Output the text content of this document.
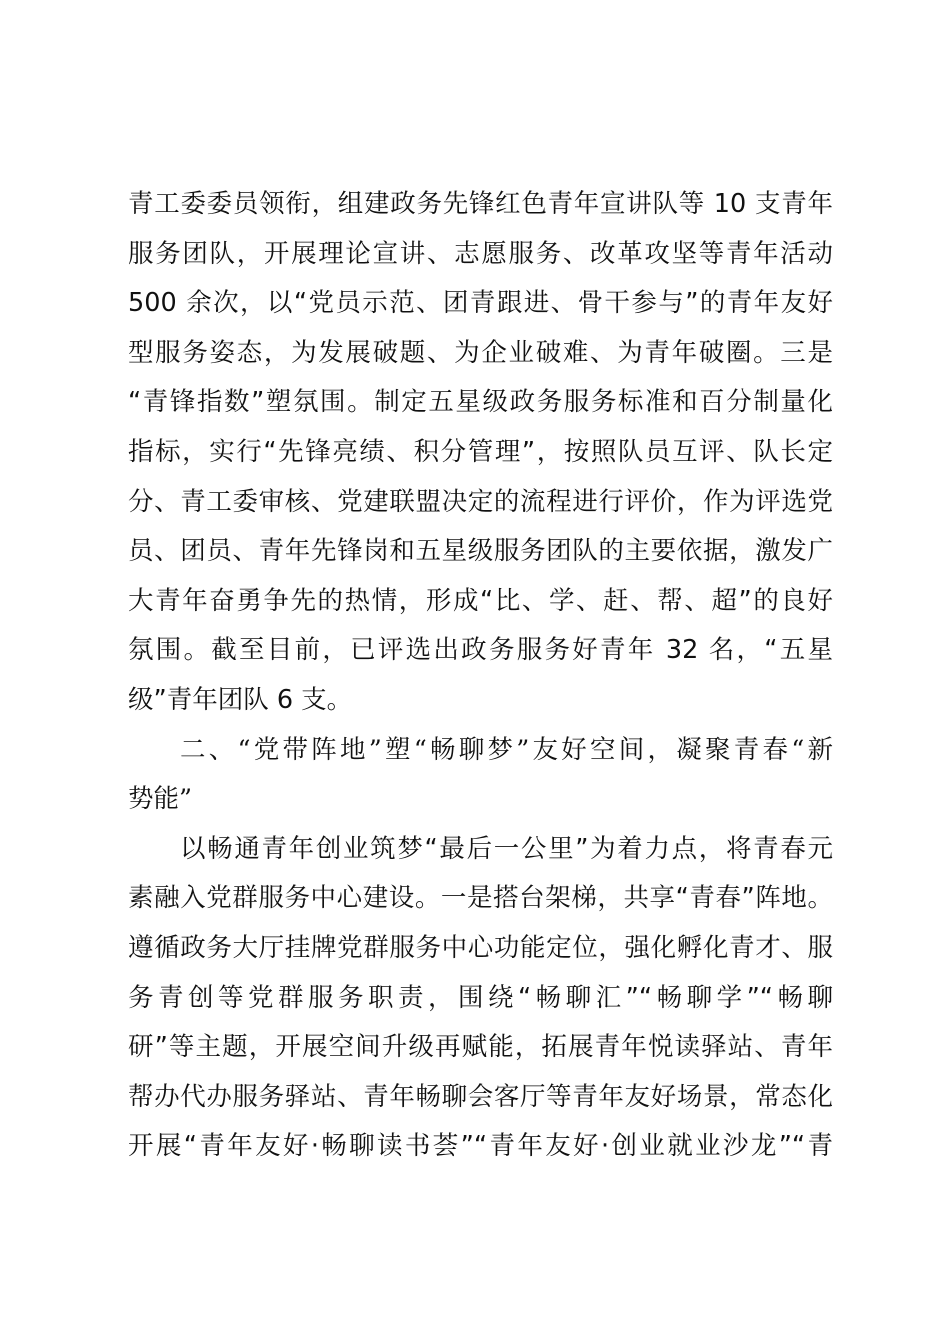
青工委委员领衔，组建政务先锋红色青年宣讲队等 10 支青年
服务团队，开展理论宣讲、志愿服务、改革攻坚等青年活动
500 余次，以“党员示范、团青跟进、骨干参与”的青年友好
型服务姿态，为发展破题、为企业破难、为青年破圈。三是
“青锋指数”塑氛围。制定五星级政务服务标准和百分制量化
指标，实行“先锋亮绩、积分管理”，按照队员互评、队长定
分、青工委审核、党建联盟决定的流程进行评价，作为评选党
员、团员、青年先锋岗和五星级服务团队的主要依据，激发广
大青年奋勇争先的热情，形成“比、学、赶、帮、超”的良好
氛围。截至目前，已评选出政务服务好青年 32 名，“五星
级”青年团队 6 支。
二、“党带阵地”塑“畅聊梦”友好空间，凝聚青春“新
势能”
以畅通青年创业筑梦“最后一公里”为着力点，将青春元
素融入党群服务中心建设。一是搭台架梯，共享“青春”阵地。
遵循政务大厅挂牌党群服务中心功能定位，强化孵化青才、服
务青创等党群服务职责，围绕“畅聊汇”“畅聊学”“畅聊
研”等主题，开展空间升级再赋能，拓展青年悦读驿站、青年
帮办代办服务驿站、青年畅聊会客厅等青年友好场景，常态化
开展“青年友好·畅聊读书荟”“青年友好·创业就业沙龙”“青
